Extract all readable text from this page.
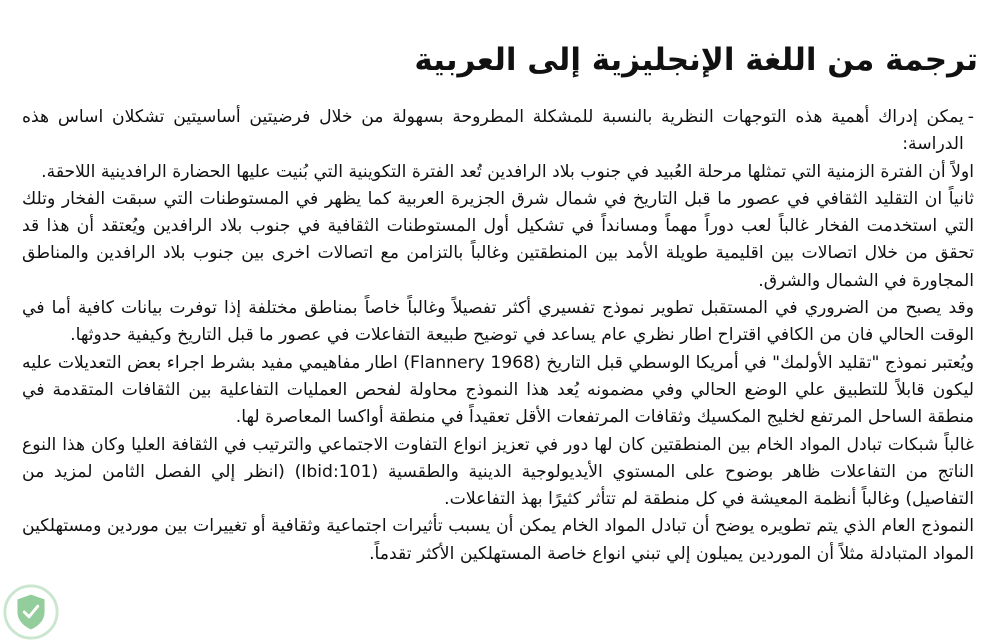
ترجمة من اللغة الإنجليزية إلى العربية

-
يمكن إدراك أهمية هذه التوجهات النظرية بالنسبة للمشكلة المطروحة بسهولة من خلال فرضيتين أساسيتين تشكلان اساس هذه الدراسة:

اولاً أن الفترة الزمنية التي تمثلها مرحلة العُبيد في جنوب بلاد الرافدين تُعد الفترة التكوينية التي بُنيت عليها الحضارة الرافدينية اللاحقة.

ثانياً ان التقليد الثقافي في عصور ما قبل التاريخ في شمال شرق الجزيرة العربية كما يظهر في المستوطنات التي سبقت الفخار وتلك التي استخدمت الفخار غالباً لعب دوراً مهماً ومسانداً في تشكيل أول المستوطنات الثقافية في جنوب بلاد الرافدين ويُعتقد أن هذا قد تحقق من خلال اتصالات بين اقليمية طويلة الأمد بين المنطقتين وغالباً بالتزامن مع اتصالات اخرى بين جنوب بلاد الرافدين والمناطق المجاورة في الشمال والشرق.

وقد يصبح من الضروري في المستقبل تطوير نموذج تفسيري أكثر تفصيلاً وغالباً خاصاً بمناطق مختلفة إذا توفرت بيانات كافية أما في الوقت الحالي فان من الكافي اقتراح اطار نظري عام يساعد في توضيح طبيعة التفاعلات في عصور ما قبل التاريخ وكيفية حدوثها.

ويُعتبر نموذج "تقليد الأولمك" في أمريكا الوسطي قبل التاريخ (Flannery 1968) اطار مفاهيمي مفيد بشرط اجراء بعض التعديلات عليه ليكون قابلاً للتطبيق علي الوضع الحالي وفي مضمونه يُعد هذا النموذج محاولة لفحص العمليات التفاعلية بين الثقافات المتقدمة في منطقة الساحل المرتفع لخليج المكسيك وثقافات المرتفعات الأقل تعقيداً في منطقة أواكسا المعاصرة لها.

غالباً شبكات تبادل المواد الخام بين المنطقتين كان لها دور في تعزيز انواع التفاوت الاجتماعي والترتيب في الثقافة العليا وكان هذا النوع الناتج من التفاعلات ظاهر بوضوح على المستوي الأيديولوجية الدينية والطقسية (Ibid:101) (انظر إلي الفصل الثامن لمزيد من التفاصيل) وغالباً أنظمة المعيشة في كل منطقة لم تتأثر كثيرًا بهذ التفاعلات.

النموذج العام الذي يتم تطويره يوضح أن تبادل المواد الخام يمكن أن يسبب تأثيرات اجتماعية وثقافية أو تغييرات بين موردين ومستهلكين المواد المتبادلة مثلاً أن الموردين يميلون إلي تبني انواع خاصة المستهلكين الأكثر تقدماً.
